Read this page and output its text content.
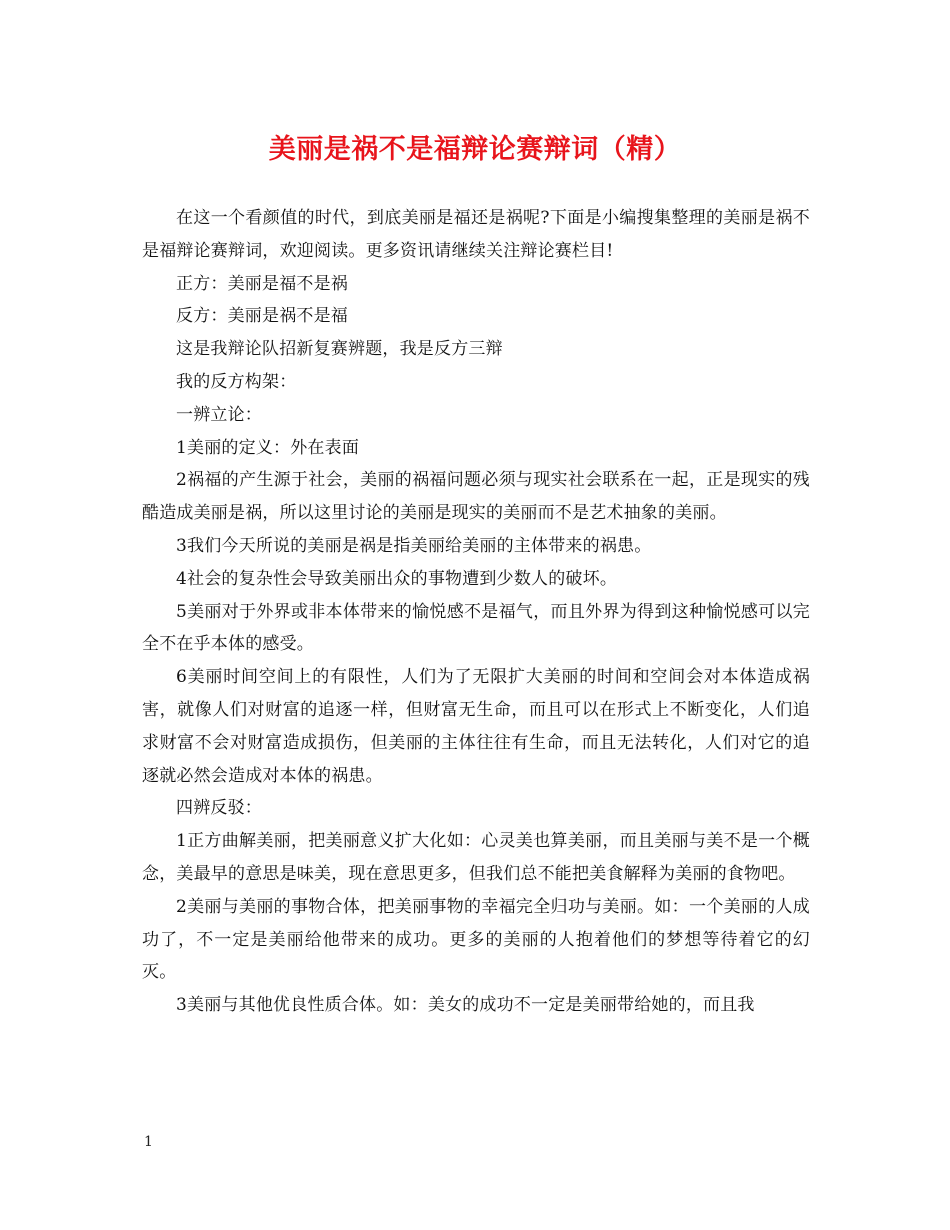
美丽是祸不是福辩论赛辩词（精）

在这一个看颜值的时代，到底美丽是福还是祸呢?下面是小编搜集整理的美丽是祸不是福辩论赛辩词，欢迎阅读。更多资讯请继续关注辩论赛栏目!

正方：美丽是福不是祸

反方：美丽是祸不是福

这是我辩论队招新复赛辨题，我是反方三辩

我的反方构架：

一辨立论：

1美丽的定义：外在表面

2祸福的产生源于社会，美丽的祸福问题必须与现实社会联系在一起，正是现实的残酷造成美丽是祸，所以这里讨论的美丽是现实的美丽而不是艺术抽象的美丽。

3我们今天所说的美丽是祸是指美丽给美丽的主体带来的祸患。

4社会的复杂性会导致美丽出众的事物遭到少数人的破坏。

5美丽对于外界或非本体带来的愉悦感不是福气，而且外界为得到这种愉悦感可以完全不在乎本体的感受。

6美丽时间空间上的有限性，人们为了无限扩大美丽的时间和空间会对本体造成祸害，就像人们对财富的追逐一样，但财富无生命，而且可以在形式上不断变化，人们追求财富不会对财富造成损伤，但美丽的主体往往有生命，而且无法转化，人们对它的追逐就必然会造成对本体的祸患。

四辨反驳：

1正方曲解美丽，把美丽意义扩大化如：心灵美也算美丽，而且美丽与美不是一个概念，美最早的意思是味美，现在意思更多，但我们总不能把美食解释为美丽的食物吧。

2美丽与美丽的事物合体，把美丽事物的幸福完全归功与美丽。如：一个美丽的人成功了，不一定是美丽给他带来的成功。更多的美丽的人抱着他们的梦想等待着它的幻灭。

3美丽与其他优良性质合体。如：美女的成功不一定是美丽带给她的，而且我

1
